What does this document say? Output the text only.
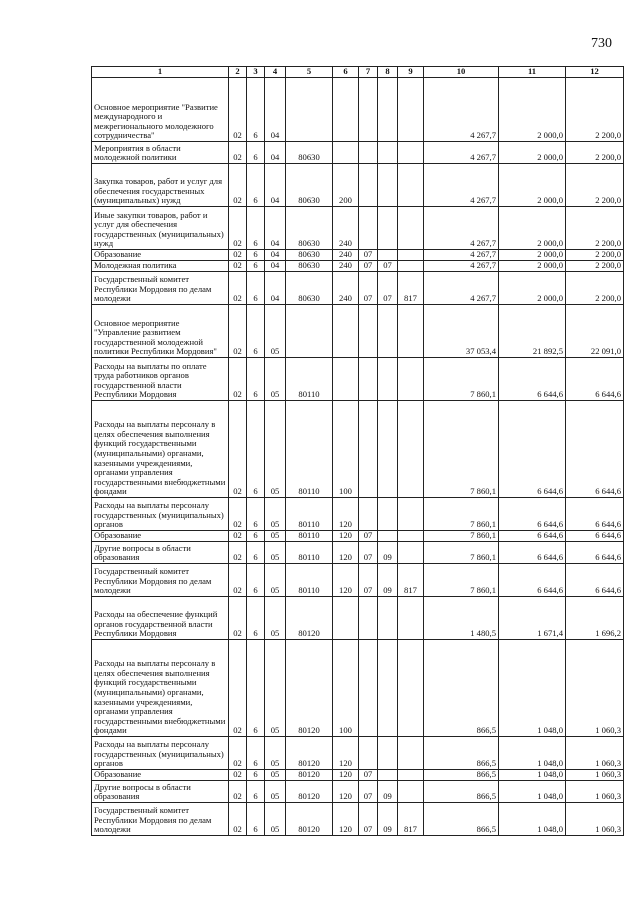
730
1	2	3	4	5	6	7	8	9	10	11	12
Основное мероприятие "Развитие международного и межрегионального молодежного сотрудничества"	02	6	04						4 267,7	2 000,0	2 200,0
Мероприятия в области молодежной политики	02	6	04	80630					4 267,7	2 000,0	2 200,0
Закупка товаров, работ и услуг для обеспечения государственных (муниципальных) нужд	02	6	04	80630	200				4 267,7	2 000,0	2 200,0
Иные закупки товаров, работ и услуг для обеспечения государственных (муниципальных) нужд	02	6	04	80630	240				4 267,7	2 000,0	2 200,0
Образование	02	6	04	80630	240	07			4 267,7	2 000,0	2 200,0
Молодежная политика	02	6	04	80630	240	07	07		4 267,7	2 000,0	2 200,0
Государственный комитет Республики Мордовия по делам молодежи	02	6	04	80630	240	07	07	817	4 267,7	2 000,0	2 200,0
Основное мероприятие "Управление развитием государственной молодежной политики Республики Мордовия"	02	6	05						37 053,4	21 892,5	22 091,0
Расходы на выплаты по оплате труда работников органов государственной власти Республики Мордовия	02	6	05	80110					7 860,1	6 644,6	6 644,6
Расходы на выплаты персоналу в целях обеспечения выполнения функций государственными (муниципальными) органами, казенными учреждениями, органами управления государственными внебюджетными фондами	02	6	05	80110	100				7 860,1	6 644,6	6 644,6
Расходы на выплаты персоналу государственных (муниципальных) органов	02	6	05	80110	120				7 860,1	6 644,6	6 644,6
Образование	02	6	05	80110	120	07			7 860,1	6 644,6	6 644,6
Другие вопросы в области образования	02	6	05	80110	120	07	09		7 860,1	6 644,6	6 644,6
Государственный комитет Республики Мордовия по делам молодежи	02	6	05	80110	120	07	09	817	7 860,1	6 644,6	6 644,6
Расходы на обеспечение функций органов государственной власти Республики Мордовия	02	6	05	80120					1 480,5	1 671,4	1 696,2
Расходы на выплаты персоналу в целях обеспечения выполнения функций государственными (муниципальными) органами, казенными учреждениями, органами управления государственными внебюджетными фондами	02	6	05	80120	100				866,5	1 048,0	1 060,3
Расходы на выплаты персоналу государственных (муниципальных) органов	02	6	05	80120	120				866,5	1 048,0	1 060,3
Образование	02	6	05	80120	120	07			866,5	1 048,0	1 060,3
Другие вопросы в области образования	02	6	05	80120	120	07	09		866,5	1 048,0	1 060,3
Государственный комитет Республики Мордовия по делам молодежи	02	6	05	80120	120	07	09	817	866,5	1 048,0	1 060,3
